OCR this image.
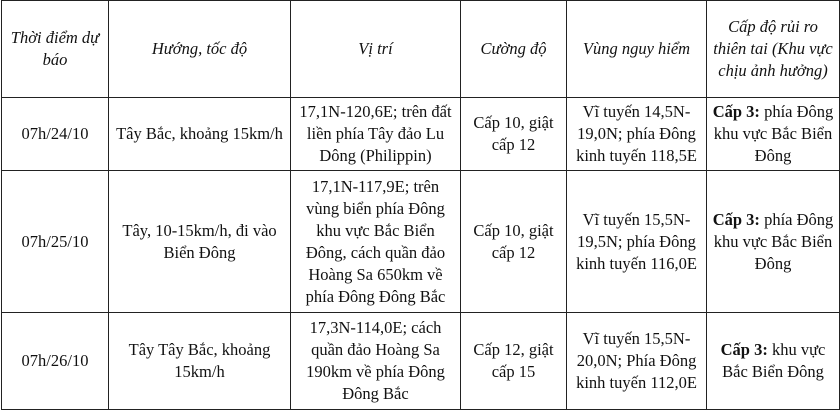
Thời điểm dự báo	Hướng, tốc độ	Vị trí	Cường độ	Vùng nguy hiểm	Cấp độ rủi ro thiên tai (Khu vực chịu ảnh hưởng)
07h/24/10	Tây Bắc, khoảng 15km/h	17,1N-120,6E; trên đất liền phía Tây đảo Lu Dông (Philippin)	Cấp 10, giật cấp 12	Vĩ tuyến 14,5N-19,0N; phía Đông kinh tuyến 118,5E	Cấp 3: phía Đông khu vực Bắc Biển Đông
07h/25/10	Tây, 10-15km/h, đi vào Biển Đông	17,1N-117,9E; trên vùng biển phía Đông khu vực Bắc Biển Đông, cách quần đảo Hoàng Sa 650km về phía Đông Đông Bắc	Cấp 10, giật cấp 12	Vĩ tuyến 15,5N-19,5N; phía Đông kinh tuyến 116,0E	Cấp 3: phía Đông khu vực Bắc Biển Đông
07h/26/10	Tây Tây Bắc, khoảng 15km/h	17,3N-114,0E; cách quần đảo Hoàng Sa 190km về phía Đông Đông Bắc	Cấp 12, giật cấp 15	Vĩ tuyến 15,5N-20,0N; Phía Đông kinh tuyến 112,0E	Cấp 3: khu vực Bắc Biển Đông
